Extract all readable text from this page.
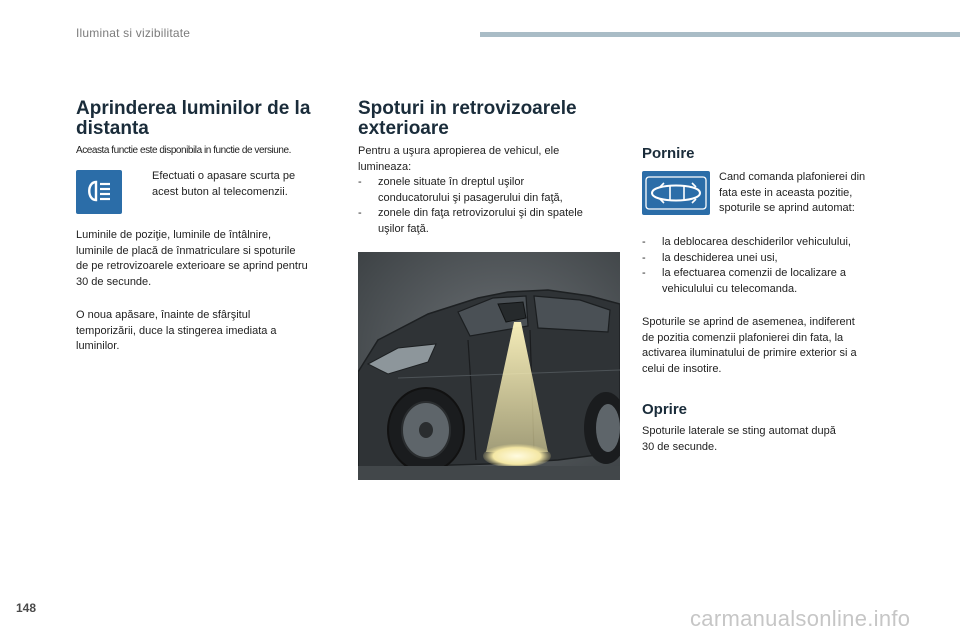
Iluminat si vizibilitate
Aprinderea luminilor de la
distanta
Aceasta functie este disponibila in functie de versiune.
Efectuati o apasare scurta pe
acest buton al telecomenzii.
Luminile de poziţie, luminile de întâlnire,
luminile de placă de înmatriculare si spoturile
de pe retrovizoarele exterioare se aprind pentru
30 de secunde.
O noua apăsare, înainte de sfârşitul
temporizării, duce la stingerea imediata a
luminilor.
Spoturi in retrovizoarele
exterioare
Pentru a uşura apropierea de vehicul, ele
lumineaza:
-	zonele situate în dreptul uşilor
conducatorului şi pasagerului din faţă,
-	zonele din faţa retrovizorului şi din spatele
uşilor faţă.
Pornire
Cand comanda plafonierei din
fata este in aceasta pozitie,
spoturile se aprind automat:
-	la deblocarea deschiderilor vehiculului,
-	la deschiderea unei usi,
-	la efectuarea comenzii de localizare a
vehiculului cu telecomanda.
Spoturile se aprind de asemenea, indiferent
de pozitia comenzii plafonierei din fata, la
activarea iluminatului de primire exterior si a
celui de insotire.
Oprire
Spoturile laterale se sting automat după
30 de secunde.
148	carmanualsonline.info
